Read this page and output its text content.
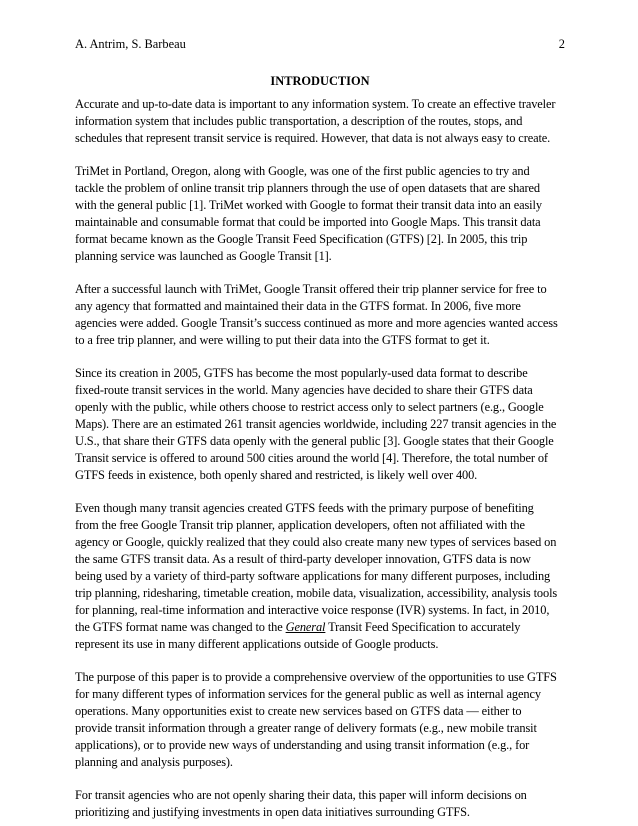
A. Antrim, S. Barbeau	2
INTRODUCTION

Accurate and up-to-date data is important to any information system. To create an effective traveler information system that includes public transportation, a description of the routes, stops, and schedules that represent transit service is required. However, that data is not always easy to create.

TriMet in Portland, Oregon, along with Google, was one of the first public agencies to try and tackle the problem of online transit trip planners through the use of open datasets that are shared with the general public [1]. TriMet worked with Google to format their transit data into an easily maintainable and consumable format that could be imported into Google Maps. This transit data format became known as the Google Transit Feed Specification (GTFS) [2]. In 2005, this trip planning service was launched as Google Transit [1].

After a successful launch with TriMet, Google Transit offered their trip planner service for free to any agency that formatted and maintained their data in the GTFS format. In 2006, five more agencies were added. Google Transit’s success continued as more and more agencies wanted access to a free trip planner, and were willing to put their data into the GTFS format to get it.

Since its creation in 2005, GTFS has become the most popularly-used data format to describe fixed-route transit services in the world. Many agencies have decided to share their GTFS data openly with the public, while others choose to restrict access only to select partners (e.g., Google Maps). There are an estimated 261 transit agencies worldwide, including 227 transit agencies in the U.S., that share their GTFS data openly with the general public [3]. Google states that their Google Transit service is offered to around 500 cities around the world [4]. Therefore, the total number of GTFS feeds in existence, both openly shared and restricted, is likely well over 400.

Even though many transit agencies created GTFS feeds with the primary purpose of benefiting from the free Google Transit trip planner, application developers, often not affiliated with the agency or Google, quickly realized that they could also create many new types of services based on the same GTFS transit data. As a result of third-party developer innovation, GTFS data is now being used by a variety of third-party software applications for many different purposes, including trip planning, ridesharing, timetable creation, mobile data, visualization, accessibility, analysis tools for planning, real-time information and interactive voice response (IVR) systems. In fact, in 2010, the GTFS format name was changed to the General Transit Feed Specification to accurately represent its use in many different applications outside of Google products.

The purpose of this paper is to provide a comprehensive overview of the opportunities to use GTFS for many different types of information services for the general public as well as internal agency operations. Many opportunities exist to create new services based on GTFS data — either to provide transit information through a greater range of delivery formats (e.g., new mobile transit applications), or to provide new ways of understanding and using transit information (e.g., for planning and analysis purposes).

For transit agencies who are not openly sharing their data, this paper will inform decisions on prioritizing and justifying investments in open data initiatives surrounding GTFS.
